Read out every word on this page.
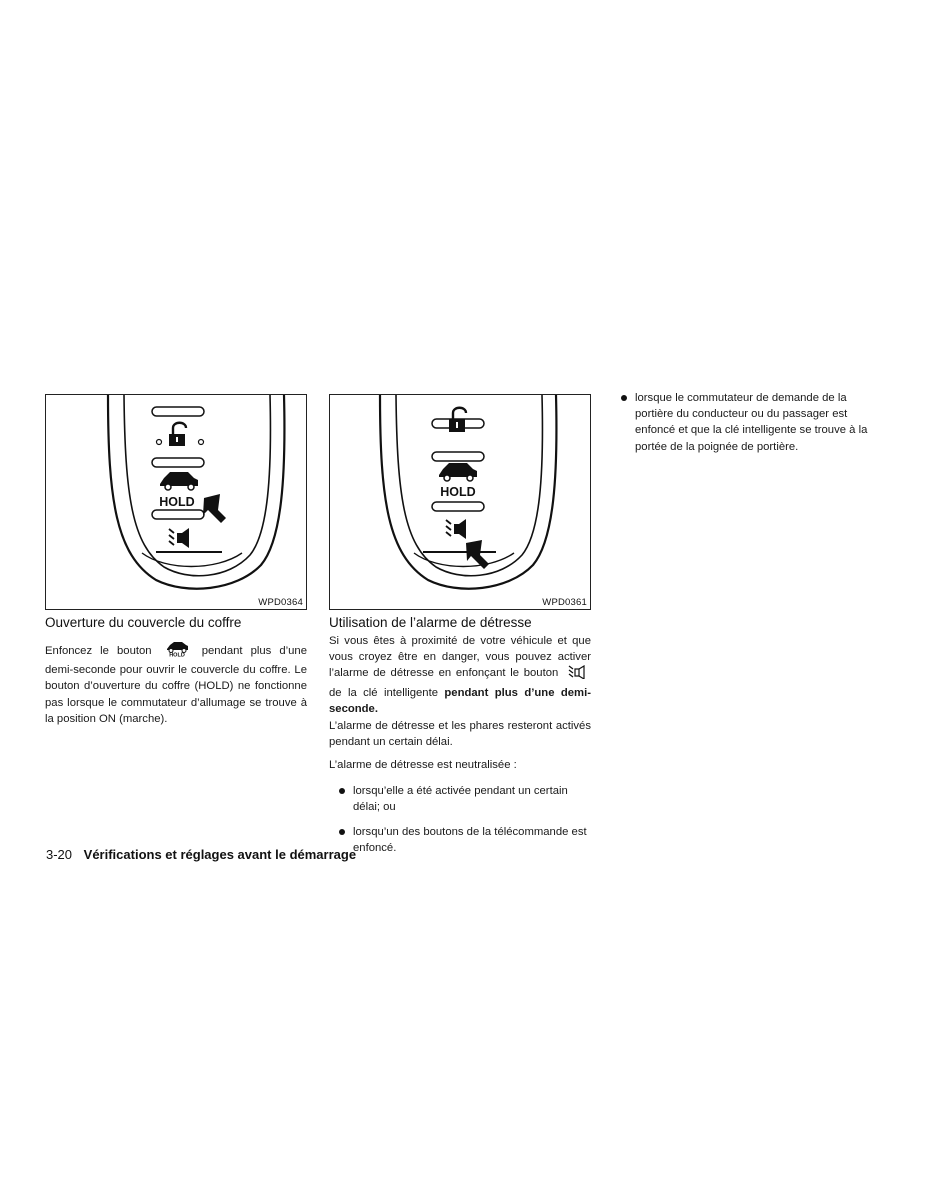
HOLD
WPD0364
HOLD
WPD0361
Ouverture du couvercle du coffre

Enfoncez le bouton	HOLD pendant plus d’une demi-seconde pour ouvrir le couvercle du coffre. Le bouton d’ouverture du coffre (HOLD) ne fonctionne pas lorsque le commutateur d’allumage se trouve à la position ON (marche).

Utilisation de l’alarme de détresse

Si vous êtes à proximité de votre véhicule et que vous croyez être en danger, vous pouvez activer l’alarme de détresse en enfonçant le bouton  de la clé intelligente pendant plus d’une demi-seconde.

L’alarme de détresse et les phares resteront activés pendant un certain délai.

L’alarme de détresse est neutralisée :

lorsqu’elle a été activée pendant un certain délai; ou
lorsqu’un des boutons de la télécommande est enfoncé.
lorsque le commutateur de demande de la portière du conducteur ou du passager est enfoncé et que la clé intelligente se trouve à la portée de la poignée de portière.
3-20 Vérifications et réglages avant le démarrage
